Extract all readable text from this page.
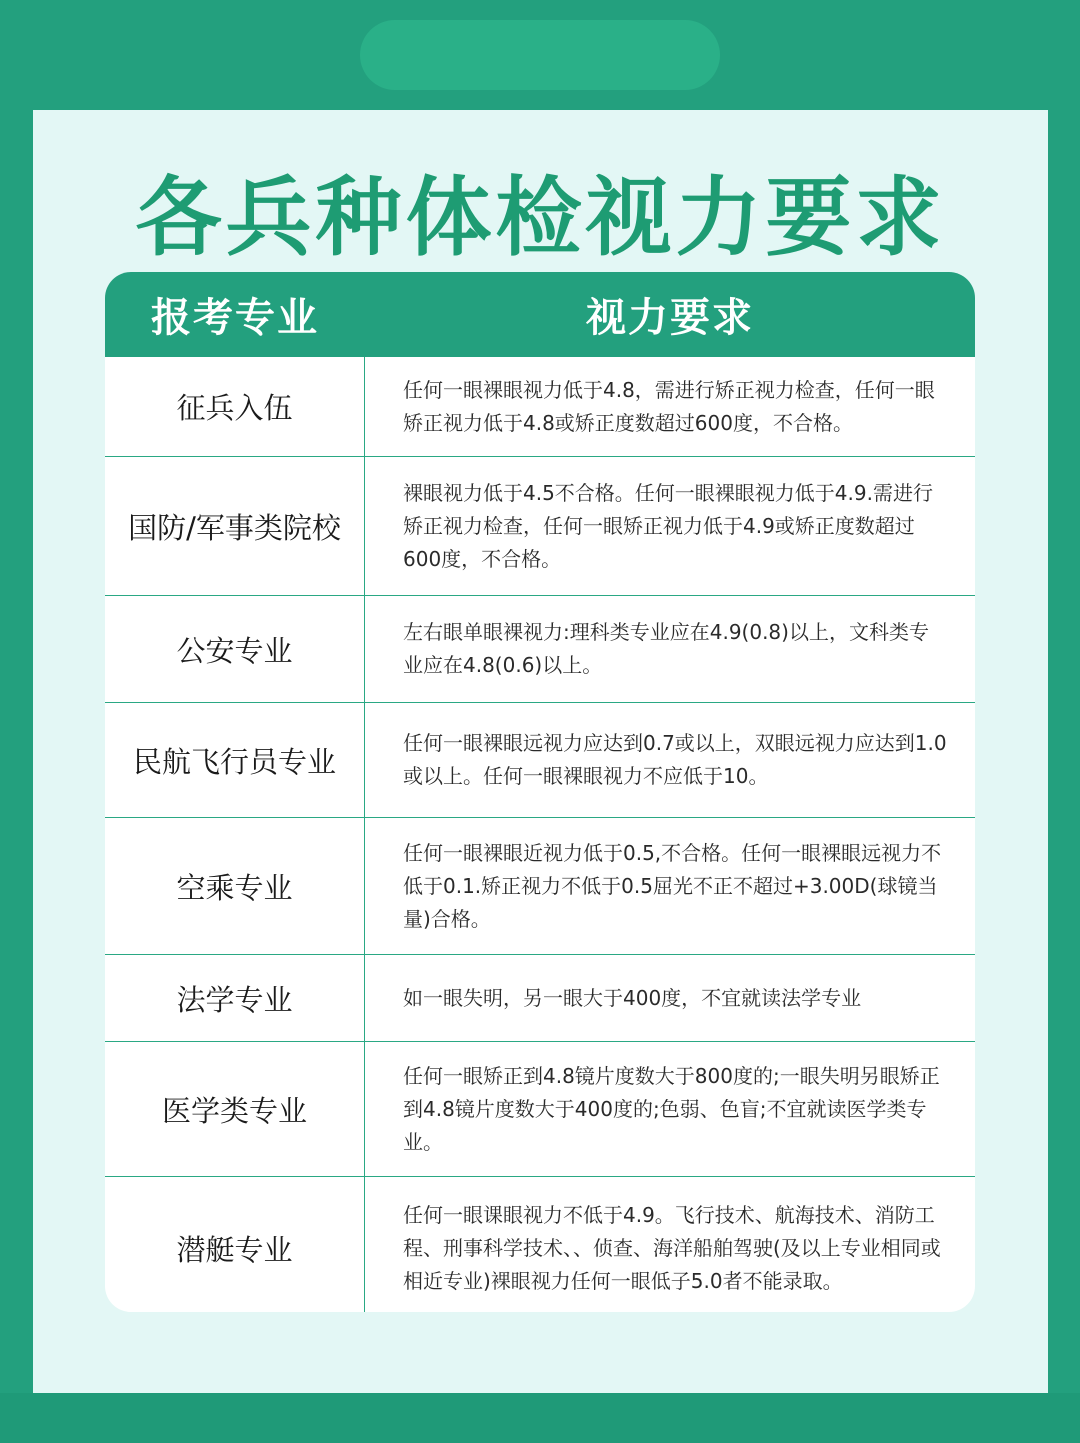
各兵种体检视力要求
报考专业	视力要求
征兵入伍
任何一眼裸眼视力低于4.8，需进行矫正视力检查，任何一眼矫正视力低于4.8或矫正度数超过600度，不合格。
国防/军事类院校
裸眼视力低于4.5不合格。任何一眼裸眼视力低于4.9.需进行矫正视力检查，任何一眼矫正视力低于4.9或矫正度数超过600度，不合格。
公安专业
左右眼单眼裸视力:理科类专业应在4.9(0.8)以上，文科类专业应在4.8(0.6)以上。
民航飞行员专业
任何一眼裸眼远视力应达到0.7或以上，双眼远视力应达到1.0或以上。任何一眼裸眼视力不应低于10。
空乘专业
任何一眼裸眼近视力低于0.5,不合格。任何一眼裸眼远视力不低于0.1.矫正视力不低于0.5屈光不正不超过+3.00D(球镜当量)合格。
法学专业	如一眼失明，另一眼大于400度，不宜就读法学专业
医学类专业
任何一眼矫正到4.8镜片度数大于800度的;一眼失明另眼矫正到4.8镜片度数大于400度的;色弱、色盲;不宜就读医学类专业。
潜艇专业
任何一眼课眼视力不低于4.9。飞行技术、航海技术、消防工程、刑事科学技术、、侦查、海洋船舶驾驶(及以上专业相同或相近专业)裸眼视力任何一眼低子5.0者不能录取。
